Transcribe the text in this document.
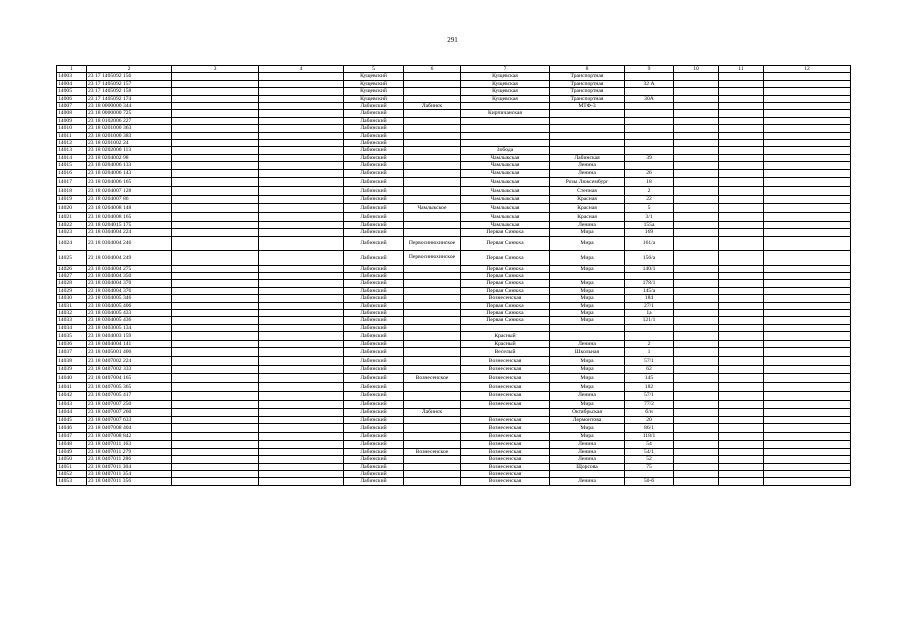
291
1	2	3	4	5	6	7	8	9	10	11	12
14003	23 17 1405092 156			Кущевский		Кущевская	Транспортная				
14004	23 17 1405092 157			Кущевский		Кущевская	Транспортная	32 А			
14005	23 17 1405092 158			Кущевский		Кущевская	Транспортная				
14006	23 17 1405092 174			Кущевский		Кущевская	Транспортная	30А			
14007	23 18 0000000 344			Лабинский	Лабинск		МТФ-3				
14008	23 18 0000000 725			Лабинский		Кирпичанская					
14009	23 18 0102006 227			Лабинский							
14010	23 18 0201000 363			Лабинский							
14011	23 18 0201000 383			Лабинский							
14012	23 18 0201002 24			Лабинский							
14013	23 18 0202000 113			Лабинский		Зобода					
14014	23 18 0204002 98			Лабинский		Чамлыкская	Лабинская	39			
14015	23 18 0204006 133			Лабинский		Чамлыкская	Ленина				
14016	23 18 0204006 143			Лабинский		Чамлыкская	Ленина	26			
14017	23 18 0204006 165			Лабинский		Чамлыкская	Розы Люксембург	18			
14018	23 18 0204007 128			Лабинский		Чамлыкская	Степная	2			
14019	23 18 0204007 86			Лабинский		Чамлыкская	Красная	22			
14020	23 18 0204008 148			Лабинский	Чамлыкское	Чамлыкская	Красная	5			
14021	23 18 0204008 165			Лабинский		Чамлыкская	Красная	3/1			
14022	23 18 0204015 175			Лабинский		Чамлыкская	Ленина	155а			
14023	23 18 0304004 224			Лабинский		Первая Синюха	Мира	169			
14024	23 18 0304004 246			Лабинский	Первосинюхинское	Первая Синюха	Мира	161/а			
14025	23 18 0304004 249			Лабинский	Первосинюхинское	Первая Синюха	Мира	156/а			
14026	23 18 0304004 275			Лабинский		Первая Синюха	Мира	140/1			
14027	23 18 0304004 350			Лабинский		Первая Синюха					
14028	23 18 0304004 370			Лабинский		Первая Синюха	Мира	178/1			
14029	23 18 0304004 376			Лабинский		Первая Синюха	Мира	145/а			
14030	23 18 0304005 346			Лабинский		Вознесенская	Мира	184			
14031	23 18 0304005 406			Лабинский		Первая Синюха	Мира	27/1			
14032	23 18 0304005 433			Лабинский		Первая Синюха	Мира	1а			
14033	23 18 0304005 436			Лабинский		Первая Синюха	Мира	121/1			
14034	23 18 0403005 134			Лабинский							
14035	23 18 0404003 159			Лабинский		Красный					
14036	23 18 0404004 141			Лабинский		Красный	Ленина	2			
14037	23 18 0405001 406			Лабинский		Веселый	Школьная	1			
14038	23 18 0407002 224			Лабинский		Вознесенская	Мира	57/1			
14039	23 18 0407002 333			Лабинский		Вознесенская	Мира	62			
14040	23 18 0407004 165			Лабинский	Вознесенское	Вознесенская	Мира	145			
14041	23 18 0407005 365			Лабинский		Вознесенская	Мира	182			
14042	23 18 0407005 417			Лабинский		Вознесенская	Ленина	57/1			
14043	23 18 0407007 250			Лабинский		Вознесенская	Мира	77/2			
14044	23 18 0407007 260			Лабинский	Лабинск		Октябрьская	б/н			
14045	23 18 0407007 633			Лабинский		Вознесенская	Лермонтова	20			
14046	23 18 0407008 404			Лабинский		Вознесенская	Мира	86/1			
14047	23 18 0407008 842			Лабинский		Вознесенская	Мира	118/1			
14048	23 18 0407011 163			Лабинский		Вознесенская	Ленина	54			
14049	23 18 0407011 279			Лабинский	Вознесенское	Вознесенская	Ленина	54/1			
14050	23 18 0407011 286			Лабинский		Вознесенская	Ленина	52			
14051	23 18 0407011 304			Лабинский		Вознесенская	Щорсова	75			
14052	23 18 0407011 354			Лабинский		Вознесенская					
14053	23 18 0407011 356			Лабинский		Вознесенская	Ленина	50-б			
